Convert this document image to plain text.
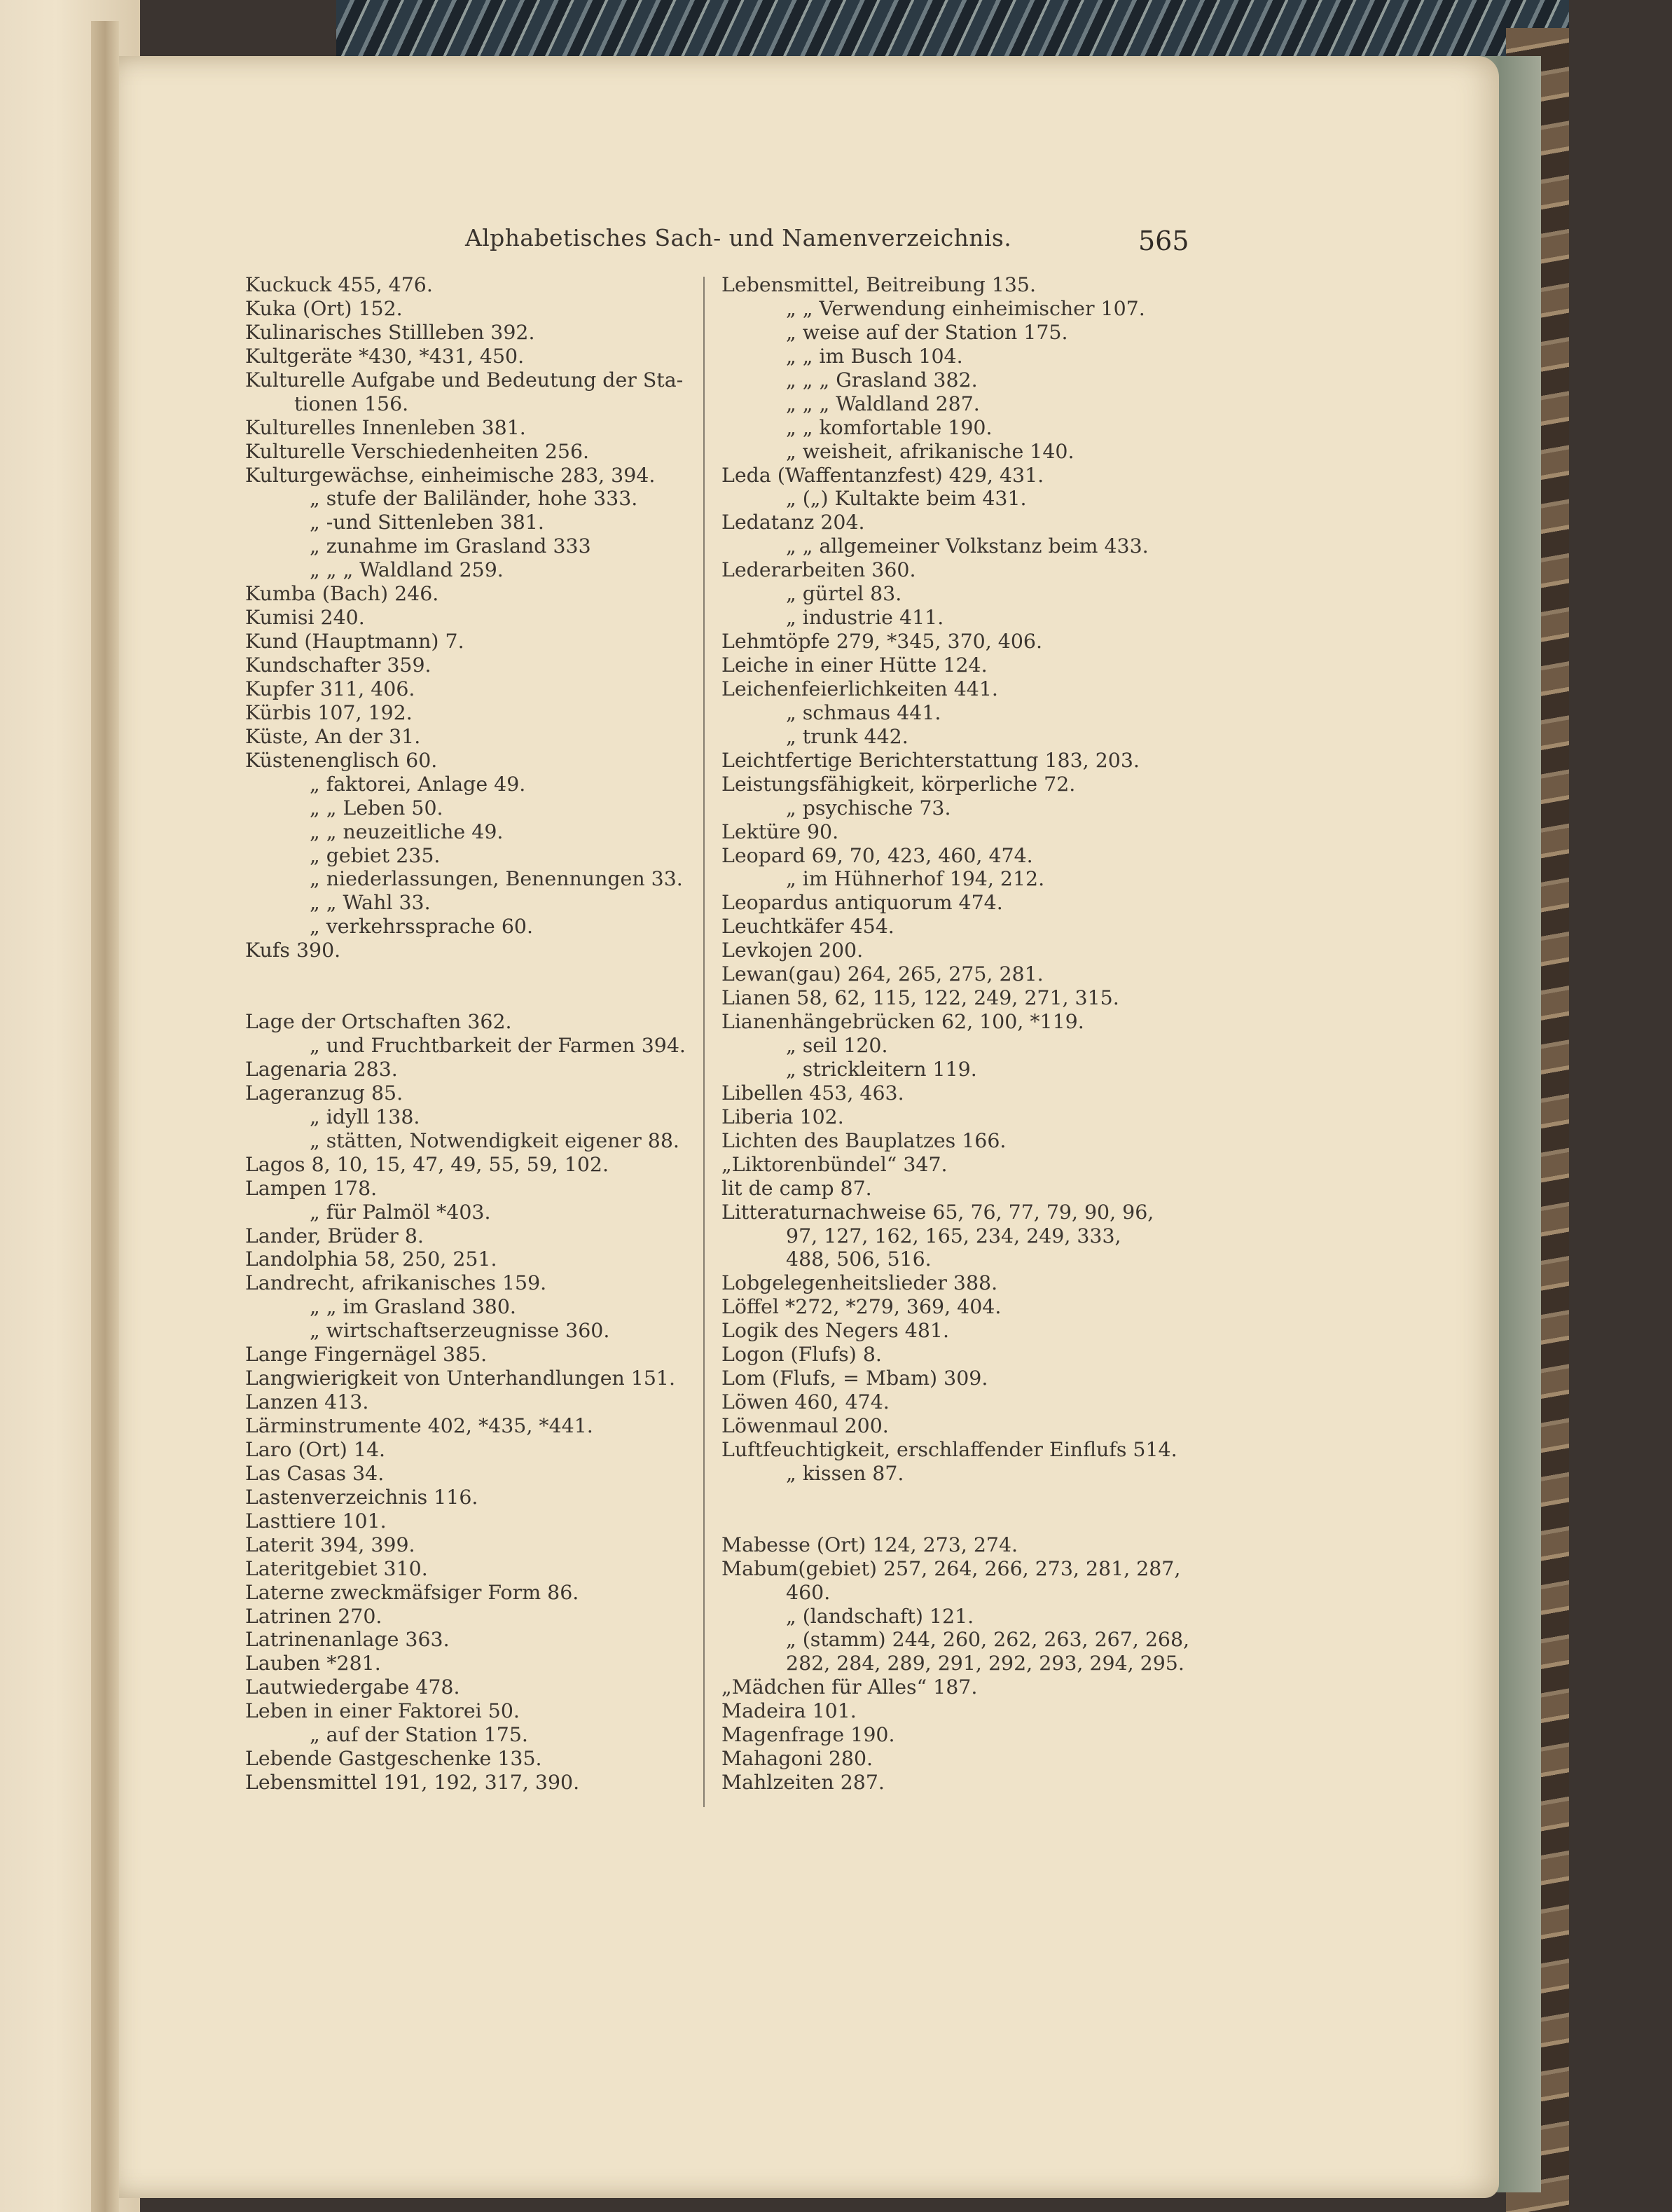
Alphabetisches Sach- und Namenverzeichnis.	565
Kuckuck 455, 476.
Kuka (Ort) 152.
Kulinarisches Stillleben 392.
Kultgeräte *430, *431, 450.
Kulturelle Aufgabe und Bedeutung der Sta-
tionen 156.
Kulturelles Innenleben 381.
Kulturelle Verschiedenheiten 256.
Kulturgewächse, einheimische 283, 394.
„ stufe der Baliländer, hohe 333.
„ -und Sittenleben 381.
„ zunahme im Grasland 333
„ „ „ Waldland 259.
Kumba (Bach) 246.
Kumisi 240.
Kund (Hauptmann) 7.
Kundschafter 359.
Kupfer 311, 406.
Kürbis 107, 192.
Küste, An der 31.
Küstenenglisch 60.
„ faktorei, Anlage 49.
„ „ Leben 50.
„ „ neuzeitliche 49.
„ gebiet 235.
„ niederlassungen, Benennungen 33.
„ „ Wahl 33.
„ verkehrssprache 60.
Kufs 390.
Lage der Ortschaften 362.
„ und Fruchtbarkeit der Farmen 394.
Lagenaria 283.
Lageranzug 85.
„ idyll 138.
„ stätten, Notwendigkeit eigener 88.
Lagos 8, 10, 15, 47, 49, 55, 59, 102.
Lampen 178.
„ für Palmöl *403.
Lander, Brüder 8.
Landolphia 58, 250, 251.
Landrecht, afrikanisches 159.
„ „ im Grasland 380.
„ wirtschaftserzeugnisse 360.
Lange Fingernägel 385.
Langwierigkeit von Unterhandlungen 151.
Lanzen 413.
Lärminstrumente 402, *435, *441.
Laro (Ort) 14.
Las Casas 34.
Lastenverzeichnis 116.
Lasttiere 101.
Laterit 394, 399.
Lateritgebiet 310.
Laterne zweckmäfsiger Form 86.
Latrinen 270.
Latrinenanlage 363.
Lauben *281.
Lautwiedergabe 478.
Leben in einer Faktorei 50.
„ auf der Station 175.
Lebende Gastgeschenke 135.
Lebensmittel 191, 192, 317, 390.
Lebensmittel, Beitreibung 135.
„ „ Verwendung einheimischer 107.
„ weise auf der Station 175.
„ „ im Busch 104.
„ „ „ Grasland 382.
„ „ „ Waldland 287.
„ „ komfortable 190.
„ weisheit, afrikanische 140.
Leda (Waffentanzfest) 429, 431.
„ („) Kultakte beim 431.
Ledatanz 204.
„ „ allgemeiner Volkstanz beim 433.
Lederarbeiten 360.
„ gürtel 83.
„ industrie 411.
Lehmtöpfe 279, *345, 370, 406.
Leiche in einer Hütte 124.
Leichenfeierlichkeiten 441.
„ schmaus 441.
„ trunk 442.
Leichtfertige Berichterstattung 183, 203.
Leistungsfähigkeit, körperliche 72.
„ psychische 73.
Lektüre 90.
Leopard 69, 70, 423, 460, 474.
„ im Hühnerhof 194, 212.
Leopardus antiquorum 474.
Leuchtkäfer 454.
Levkojen 200.
Lewan(gau) 264, 265, 275, 281.
Lianen 58, 62, 115, 122, 249, 271, 315.
Lianenhängebrücken 62, 100, *119.
„ seil 120.
„ strickleitern 119.
Libellen 453, 463.
Liberia 102.
Lichten des Bauplatzes 166.
„Liktorenbündel“ 347.
lit de camp 87.
Litteraturnachweise 65, 76, 77, 79, 90, 96,
97, 127, 162, 165, 234, 249, 333,
488, 506, 516.
Lobgelegenheitslieder 388.
Löffel *272, *279, 369, 404.
Logik des Negers 481.
Logon (Flufs) 8.
Lom (Flufs, = Mbam) 309.
Löwen 460, 474.
Löwenmaul 200.
Luftfeuchtigkeit, erschlaffender Einflufs 514.
„ kissen 87.
Mabesse (Ort) 124, 273, 274.
Mabum(gebiet) 257, 264, 266, 273, 281, 287,
460.
„ (landschaft) 121.
„ (stamm) 244, 260, 262, 263, 267, 268,
282, 284, 289, 291, 292, 293, 294, 295.
„Mädchen für Alles“ 187.
Madeira 101.
Magenfrage 190.
Mahagoni 280.
Mahlzeiten 287.
